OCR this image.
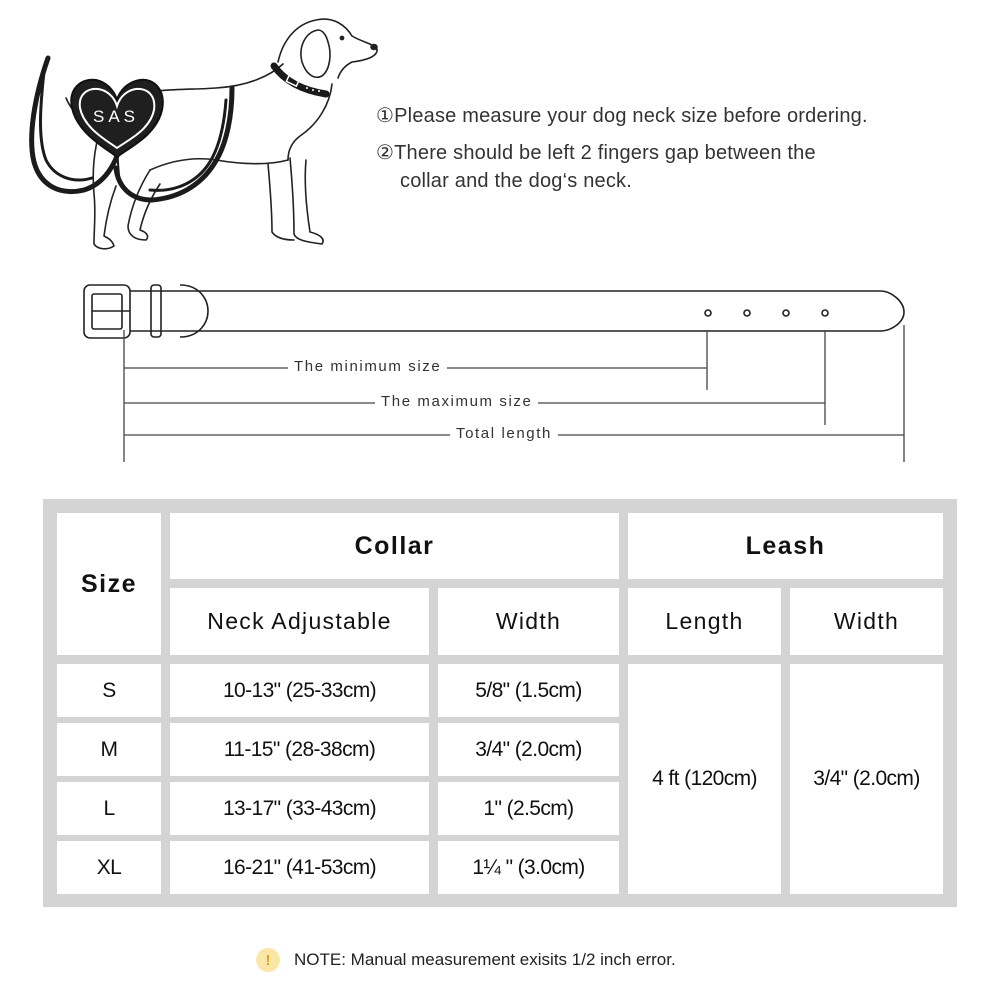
SAS	①Please measure your dog neck size before ordering.
②There should be left 2 fingers gap between the
collar and the dog‘s neck.
The minimum size
The maximum size
Total length
Size
Collar	Leash
Neck Adjustable	Width	Length	Width
S	10-13" (25-33cm)	5/8" (1.5cm)
M	11-15" (28-38cm)	3/4" (2.0cm)
L	13-17" (33-43cm)	1" (2.5cm)
XL	16-21" (41-53cm)	1¼ " (3.0cm)
4 ft (120cm)	3/4" (2.0cm)
!	NOTE: Manual measurement exisits 1/2 inch error.
